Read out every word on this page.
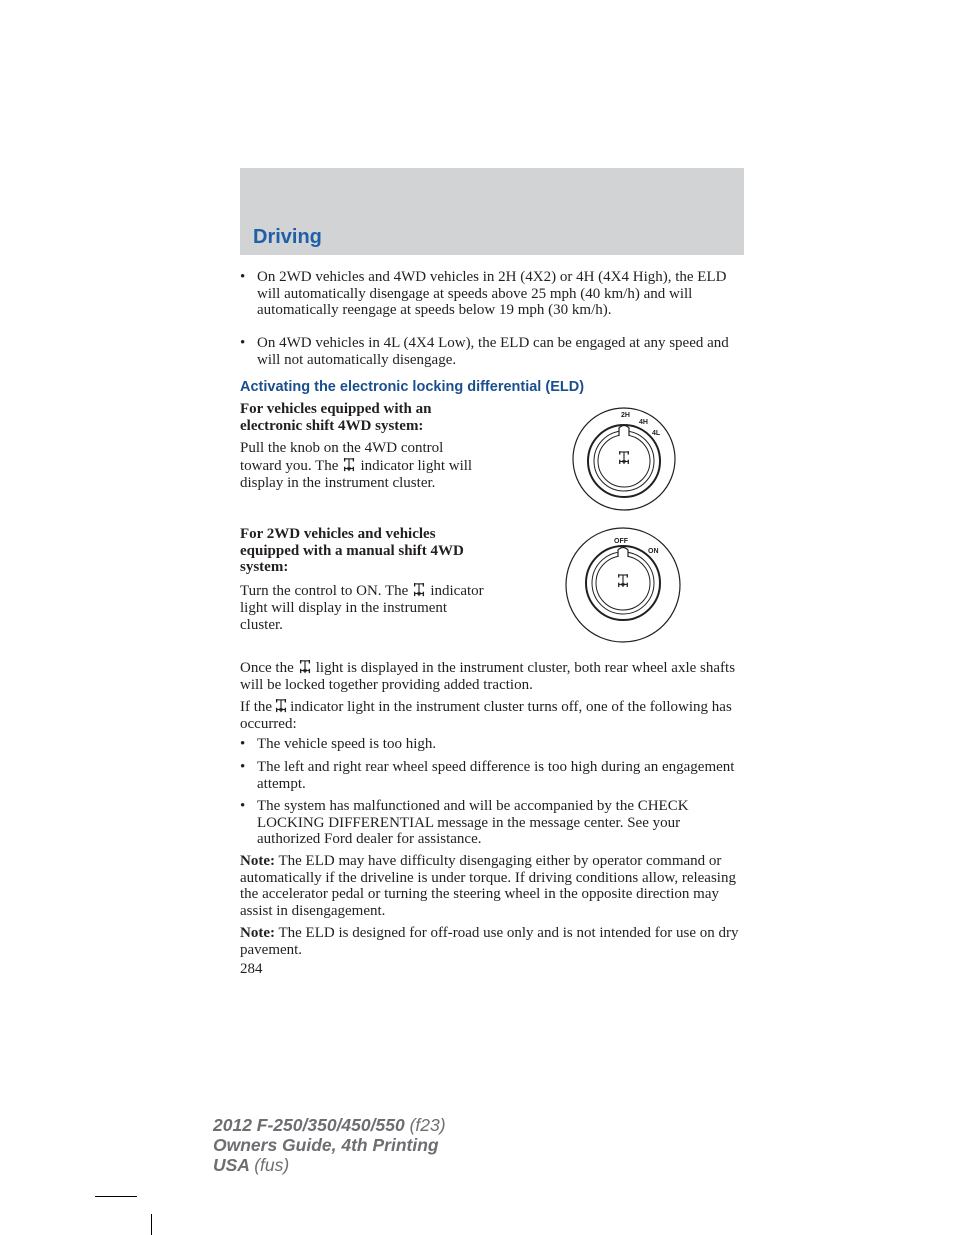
Driving
• On 2WD vehicles and 4WD vehicles in 2H (4X2) or 4H (4X4 High), the ELD will automatically disengage at speeds above 25 mph (40 km/h) and will automatically reengage at speeds below 19 mph (30 km/h).
• On 4WD vehicles in 4L (4X4 Low), the ELD can be engaged at any speed and will not automatically disengage.
Activating the electronic locking differential (ELD)

For vehicles equipped with an electronic shift 4WD system:

Pull the knob on the 4WD control toward you. The indicator light will display in the instrument cluster.

2H
4H
4L

For 2WD vehicles and vehicles equipped with a manual shift 4WD system:

Turn the control to ON. The indicator light will display in the instrument cluster.

OFF
ON

Once the light is displayed in the instrument cluster, both rear wheel axle shafts will be locked together providing added traction.

If the indicator light in the instrument cluster turns off, one of the following has occurred:

• The vehicle speed is too high.
• The left and right rear wheel speed difference is too high during an engagement attempt.
• The system has malfunctioned and will be accompanied by the CHECK LOCKING DIFFERENTIAL message in the message center. See your authorized Ford dealer for assistance.

Note: The ELD may have difficulty disengaging either by operator command or automatically if the driveline is under torque. If driving conditions allow, releasing the accelerator pedal or turning the steering wheel in the opposite direction may assist in disengagement.

Note: The ELD is designed for off-road use only and is not intended for use on dry pavement.

284

2012 F-250/350/450/550 (f23)
Owners Guide, 4th Printing
USA (fus)
